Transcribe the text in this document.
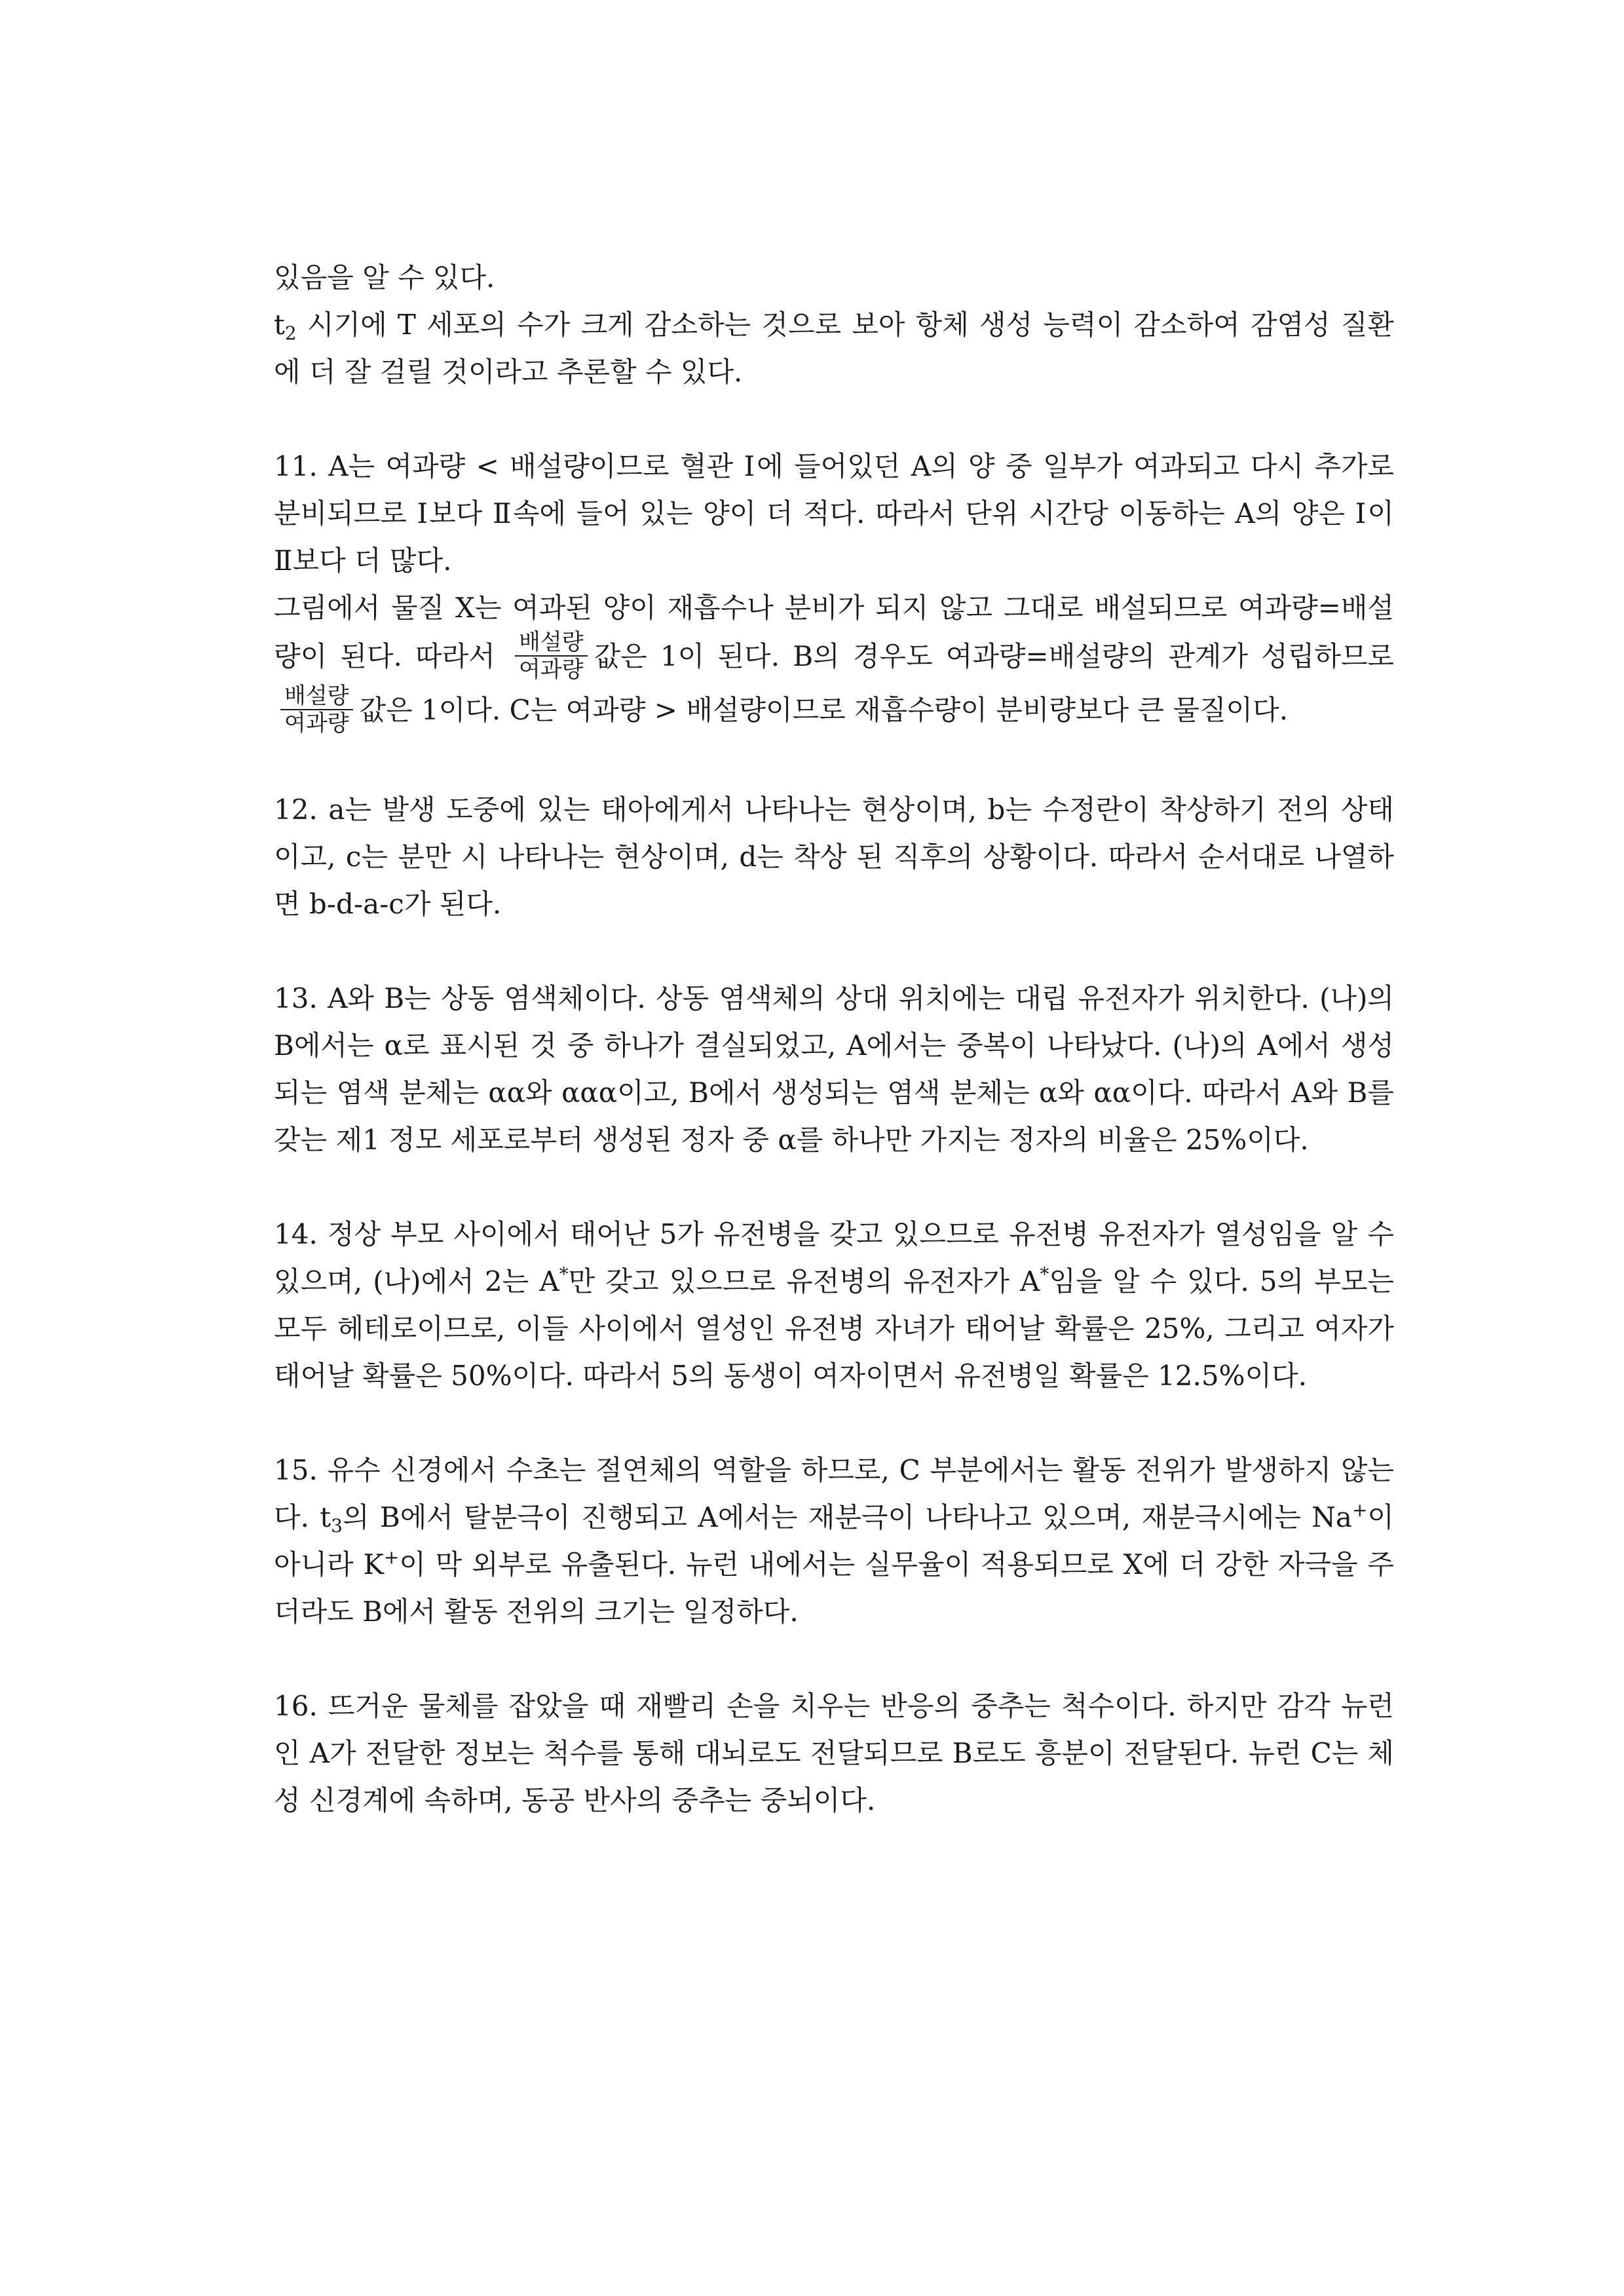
있음을 알 수 있다.
t2 시기에 T 세포의 수가 크게 감소하는 것으로 보아 항체 생성 능력이 감소하여 감염성 질환에 더 잘 걸릴 것이라고 추론할 수 있다.

11. A는 여과량 < 배설량이므로 혈관 Ⅰ에 들어있던 A의 양 중 일부가 여과되고 다시 추가로 분비되므로 Ⅰ보다 Ⅱ속에 들어 있는 양이 더 적다. 따라서 단위 시간당 이동하는 A의 양은 Ⅰ이 Ⅱ보다 더 많다.

그림에서 물질 X는 여과된 양이 재흡수나 분비가 되지 않고 그대로 배설되므로 여과량=배설량이 된다. 따라서 $\frac{\text{배설량}}{\text{여과량}}$ 값은 1이 된다. B의 경우도 여과량=배설량의 관계가 성립하므로
$\frac{\text{배설량}}{\text{여과량}}$ 값은 1이다. C는 여과량 > 배설량이므로 재흡수량이 분비량보다 큰 물질이다.

12. a는 발생 도중에 있는 태아에게서 나타나는 현상이며, b는 수정란이 착상하기 전의 상태이고, c는 분만 시 나타나는 현상이며, d는 착상 된 직후의 상황이다. 따라서 순서대로 나열하면 b-d-a-c가 된다.

13. A와 B는 상동 염색체이다. 상동 염색체의 상대 위치에는 대립 유전자가 위치한다. (나)의 B에서는 α로 표시된 것 중 하나가 결실되었고, A에서는 중복이 나타났다. (나)의 A에서 생성되는 염색 분체는 αα와 ααα이고, B에서 생성되는 염색 분체는 α와 αα이다. 따라서 A와 B를 갖는 제1 정모 세포로부터 생성된 정자 중 α를 하나만 가지는 정자의 비율은 25%이다.

14. 정상 부모 사이에서 태어난 5가 유전병을 갖고 있으므로 유전병 유전자가 열성임을 알 수 있으며, (나)에서 2는 A*만 갖고 있으므로 유전병의 유전자가 A*임을 알 수 있다. 5의 부모는 모두 헤테로이므로, 이들 사이에서 열성인 유전병 자녀가 태어날 확률은 25%, 그리고 여자가 태어날 확률은 50%이다. 따라서 5의 동생이 여자이면서 유전병일 확률은 12.5%이다.

15. 유수 신경에서 수초는 절연체의 역할을 하므로, C 부분에서는 활동 전위가 발생하지 않는다. t3의 B에서 탈분극이 진행되고 A에서는 재분극이 나타나고 있으며, 재분극시에는 Na+이 아니라 K+이 막 외부로 유출된다. 뉴런 내에서는 실무율이 적용되므로 X에 더 강한 자극을 주더라도 B에서 활동 전위의 크기는 일정하다.

16. 뜨거운 물체를 잡았을 때 재빨리 손을 치우는 반응의 중추는 척수이다. 하지만 감각 뉴런인 A가 전달한 정보는 척수를 통해 대뇌로도 전달되므로 B로도 흥분이 전달된다. 뉴런 C는 체성 신경계에 속하며, 동공 반사의 중추는 중뇌이다.
